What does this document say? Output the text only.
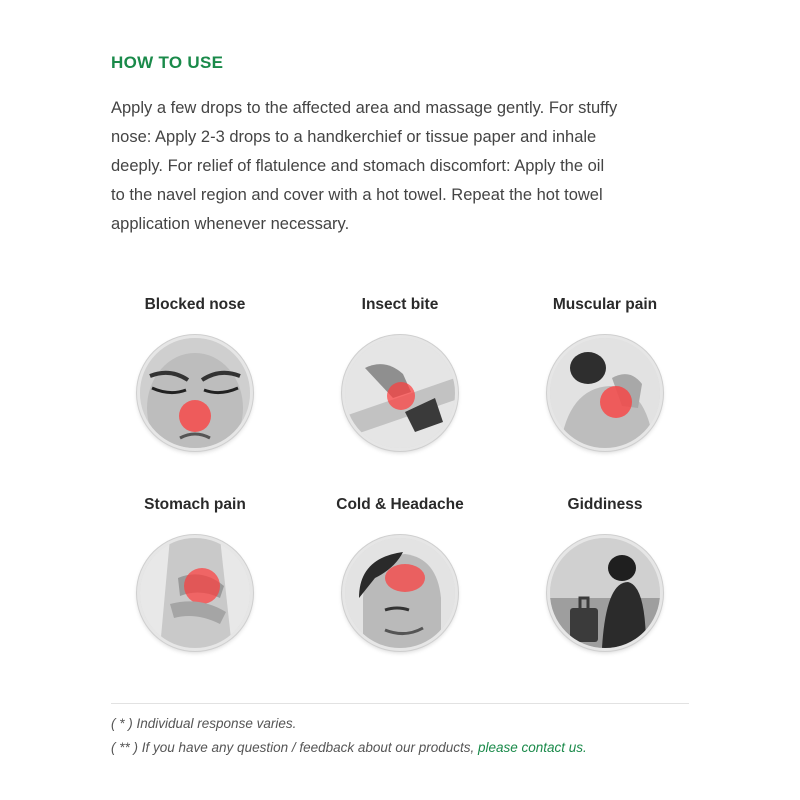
HOW TO USE
Apply a few drops to the affected area and massage gently. For stuffy
nose: Apply 2-3 drops to a handkerchief or tissue paper and inhale
deeply. For relief of flatulence and stomach discomfort: Apply the oil
to the navel region and cover with a hot towel. Repeat the hot towel
application whenever necessary.
Blocked nose	Insect bite	Muscular pain
Stomach pain	Cold & Headache	Giddiness
( * ) Individual response varies.
( ** ) If you have any question / feedback about our products, please contact us.
